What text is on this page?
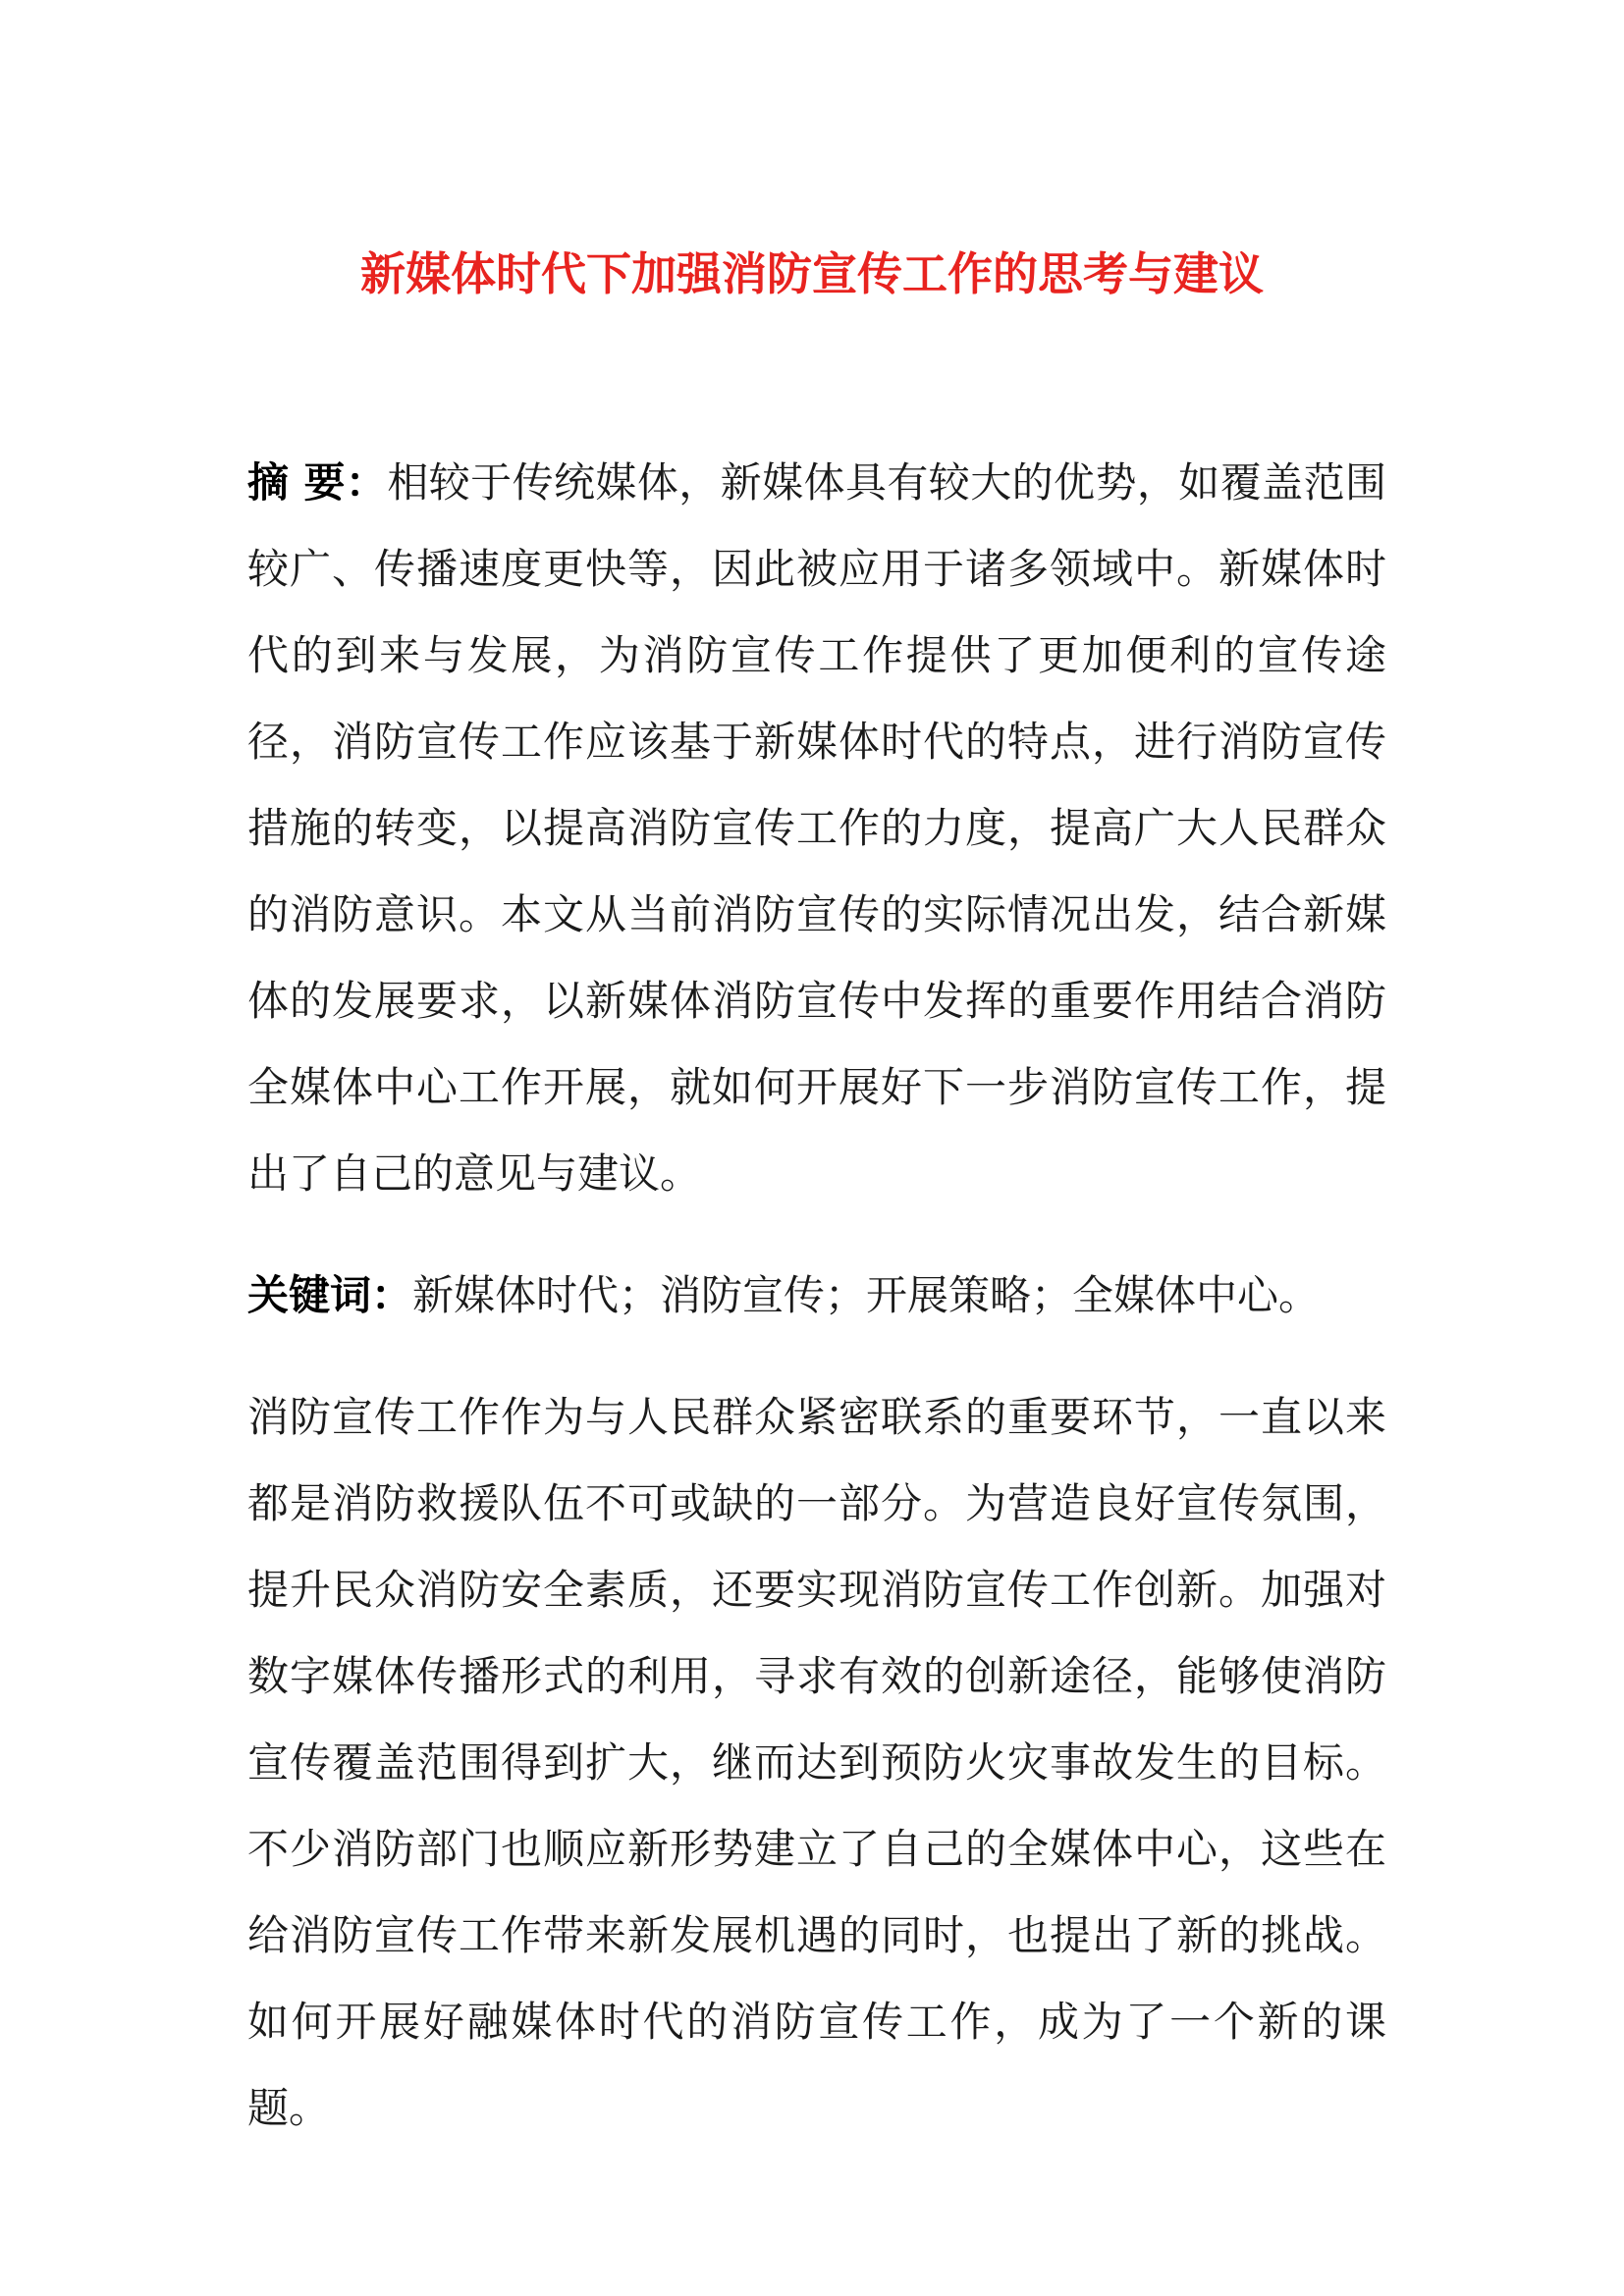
新媒体时代下加强消防宣传工作的思考与建议

摘 要：相较于传统媒体，新媒体具有较大的优势，如覆盖范围较广、传播速度更快等，因此被应用于诸多领域中。新媒体时代的到来与发展，为消防宣传工作提供了更加便利的宣传途径，消防宣传工作应该基于新媒体时代的特点，进行消防宣传措施的转变，以提高消防宣传工作的力度，提高广大人民群众的消防意识。本文从当前消防宣传的实际情况出发，结合新媒体的发展要求，以新媒体消防宣传中发挥的重要作用结合消防全媒体中心工作开展，就如何开展好下一步消防宣传工作，提出了自己的意见与建议。

关键词：新媒体时代；消防宣传；开展策略；全媒体中心。

消防宣传工作作为与人民群众紧密联系的重要环节，一直以来都是消防救援队伍不可或缺的一部分。为营造良好宣传氛围，提升民众消防安全素质，还要实现消防宣传工作创新。加强对数字媒体传播形式的利用，寻求有效的创新途径，能够使消防宣传覆盖范围得到扩大，继而达到预防火灾事故发生的目标。不少消防部门也顺应新形势建立了自己的全媒体中心，这些在给消防宣传工作带来新发展机遇的同时，也提出了新的挑战。如何开展好融媒体时代的消防宣传工作，成为了一个新的课题。
